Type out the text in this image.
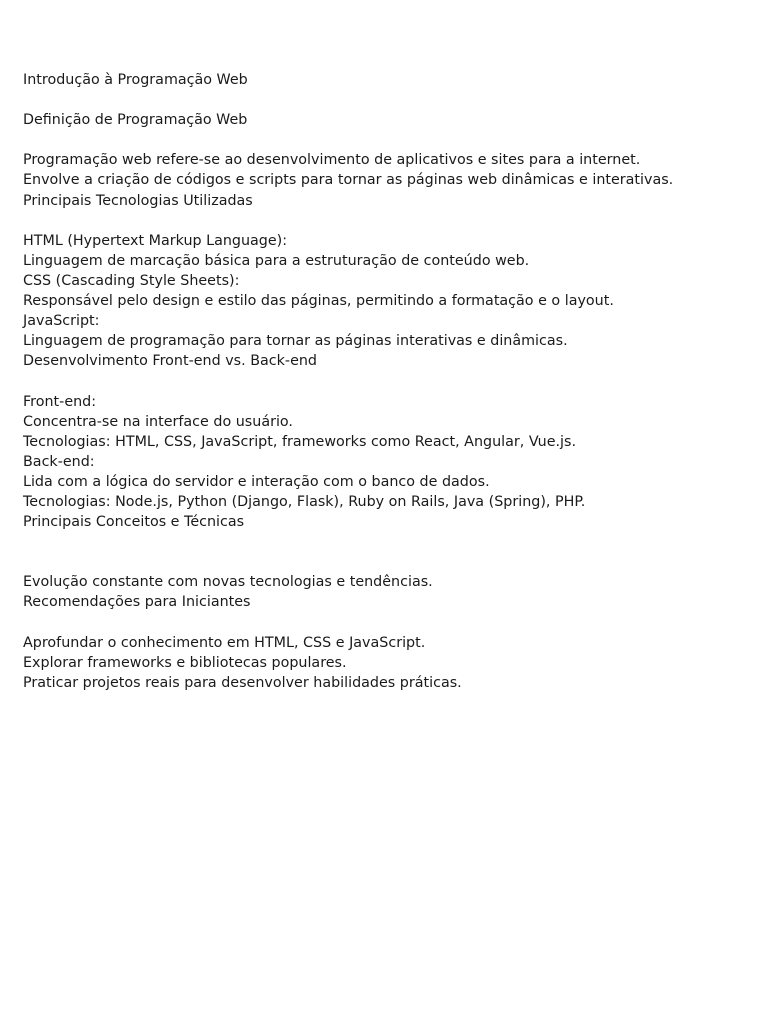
Introdução à Programação Web
Definição de Programação Web
Programação web refere-se ao desenvolvimento de aplicativos e sites para a internet.
Envolve a criação de códigos e scripts para tornar as páginas web dinâmicas e interativas.
Principais Tecnologias Utilizadas
HTML (Hypertext Markup Language):
Linguagem de marcação básica para a estruturação de conteúdo web.
CSS (Cascading Style Sheets):
Responsável pelo design e estilo das páginas, permitindo a formatação e o layout.
JavaScript:
Linguagem de programação para tornar as páginas interativas e dinâmicas.
Desenvolvimento Front-end vs. Back-end
Front-end:
Concentra-se na interface do usuário.
Tecnologias: HTML, CSS, JavaScript, frameworks como React, Angular, Vue.js.
Back-end:
Lida com a lógica do servidor e interação com o banco de dados.
Tecnologias: Node.js, Python (Django, Flask), Ruby on Rails, Java (Spring), PHP.
Principais Conceitos e Técnicas
Evolução constante com novas tecnologias e tendências.
Recomendações para Iniciantes
Aprofundar o conhecimento em HTML, CSS e JavaScript.
Explorar frameworks e bibliotecas populares.
Praticar projetos reais para desenvolver habilidades práticas.
